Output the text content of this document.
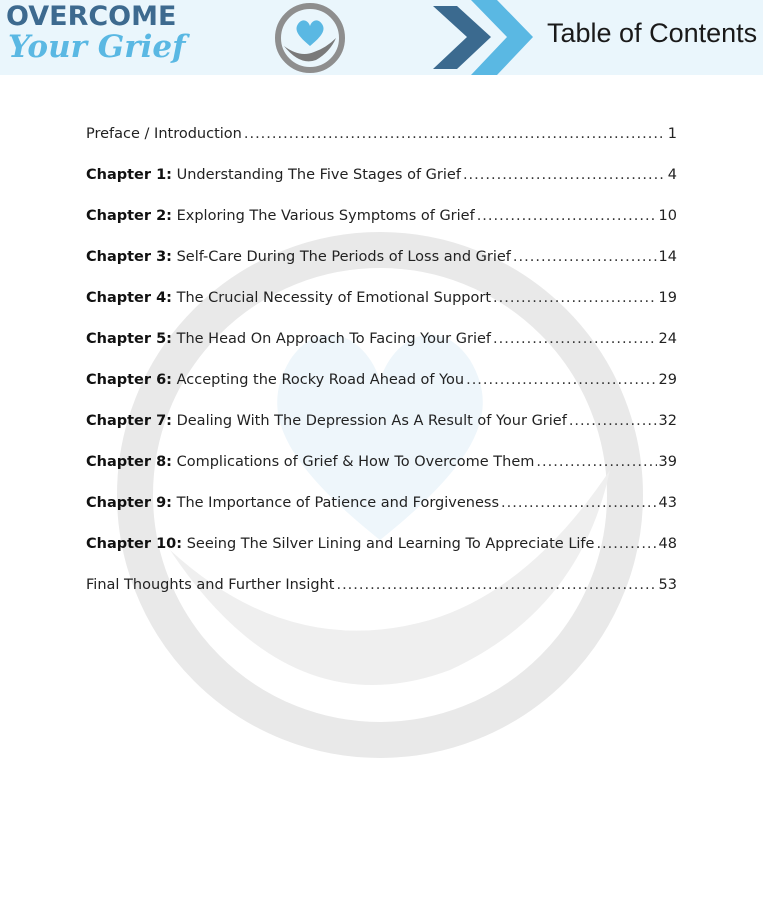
OVERCOME
Your Grief	Table of Contents
Preface / Introduction .....	1
Chapter 1: Understanding The Five Stages of Grief .....	4
Chapter 2: Exploring The Various Symptoms of Grief .....	10
Chapter 3: Self-Care During The Periods of Loss and Grief .....	14
Chapter 4: The Crucial Necessity of Emotional Support .....	19
Chapter 5: The Head On Approach To Facing Your Grief .....	24
Chapter 6: Accepting the Rocky Road Ahead of You .....	29
Chapter 7: Dealing With The Depression As A Result of Your Grief .....	32
Chapter 8: Complications of Grief & How To Overcome Them .....	39
Chapter 9: The Importance of Patience and Forgiveness .....	43
Chapter 10: Seeing The Silver Lining and Learning To Appreciate Life .....	48
Final Thoughts and Further Insight .....	53
